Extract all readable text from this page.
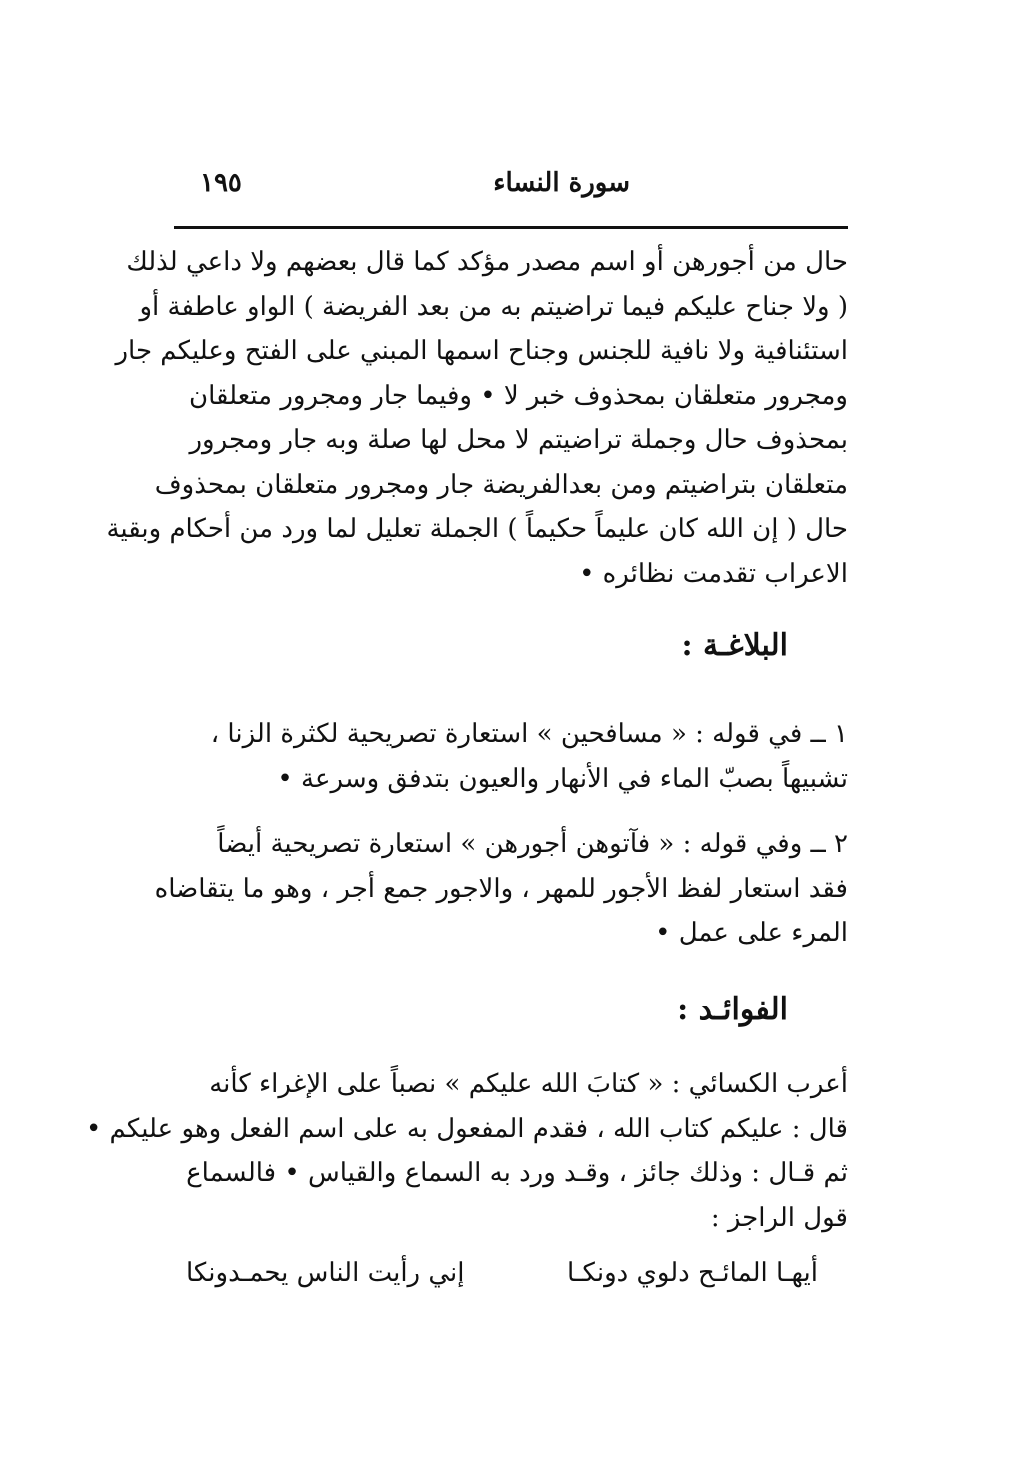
سورة النساء
١٩٥
حال من أجورهن أو اسم مصدر مؤكد كما قال بعضهم ولا داعي لذلك
( ولا جناح عليكم فيما تراضيتم به من بعد الفريضة ) الواو عاطفة أو
استئنافية ولا نافية للجنس وجناح اسمها المبني على الفتح وعليكم جار
ومجرور متعلقان بمحذوف خبر لا • وفيما جار ومجرور متعلقان
بمحذوف حال وجملة تراضيتم لا محل لها صلة وبه جار ومجرور
متعلقان بتراضيتم ومن بعدالفريضة جار ومجرور متعلقان بمحذوف
حال ( إن الله كان عليماً حكيماً ) الجملة تعليل لما ورد من أحكام وبقية
الاعراب تقدمت نظائره •
البلاغـة :
١ ــ في قوله : « مسافحين » استعارة تصريحية لكثرة الزنا ،
تشبيهاً بصبّ الماء في الأنهار والعيون بتدفق وسرعة •
٢ ــ وفي قوله : « فآتوهن أجورهن » استعارة تصريحية أيضاً
فقد استعار لفظ الأجور للمهر ، والاجور جمع أجر ، وهو ما يتقاضاه
المرء على عمل •
الفوائـد :
أعرب الكسائي : « كتابَ الله عليكم » نصباً على الإغراء كأنه
قال : عليكم كتاب الله ، فقدم المفعول به على اسم الفعل وهو عليكم •
ثم قـال : وذلك جائز ، وقـد ورد به السماع والقياس • فالسماع
قول الراجز :
أيهـا المائـح دلوي دونكـا
إني رأيت الناس يحمـدونكا
